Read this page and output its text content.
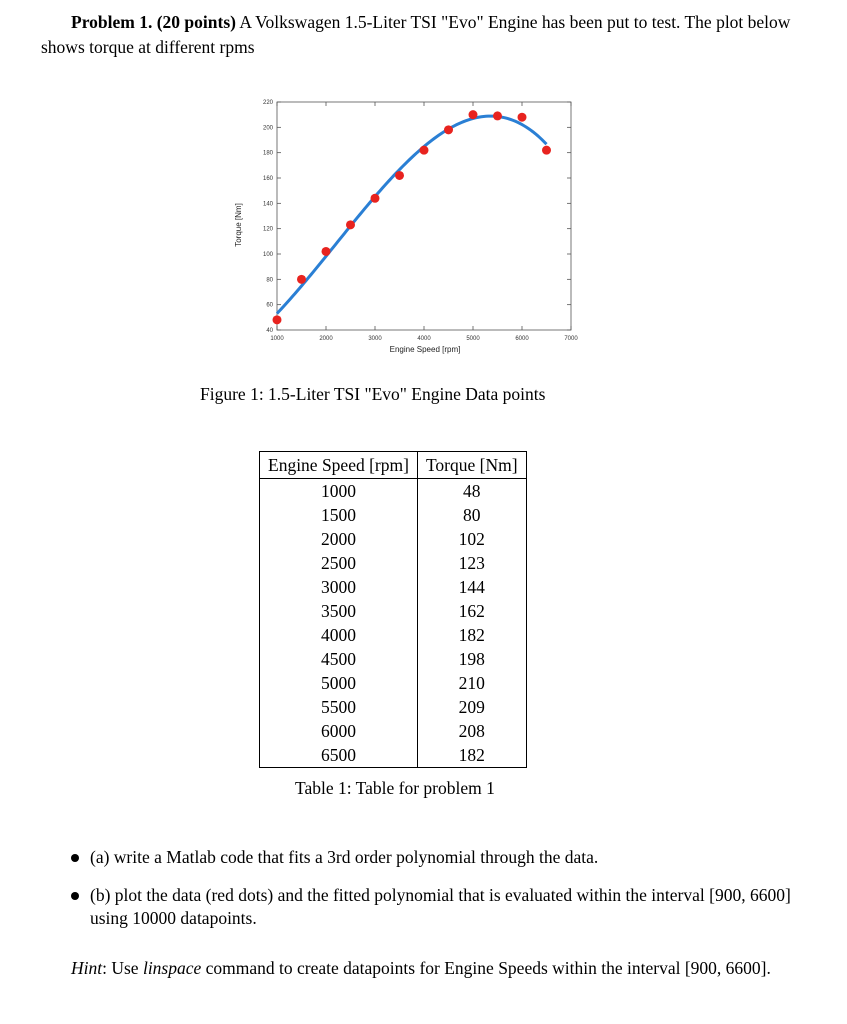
Problem 1. (20 points) A Volkswagen 1.5-Liter TSI "Evo" Engine has been put to test. The plot below shows torque at different rpms
1000	2000	3000	4000	5000	6000	7000
40
60
80
100
120
140
160
180
200
220
Engine Speed [rpm]
Torque [Nm]
Figure 1: 1.5-Liter TSI "Evo" Engine Data points
Engine Speed [rpm]	Torque [Nm]
1000	48
1500	80
2000	102
2500	123
3000	144
3500	162
4000	182
4500	198
5000	210
5500	209
6000	208
6500	182
Table 1: Table for problem 1
(a) write a Matlab code that fits a 3rd order polynomial through the data.
(b) plot the data (red dots) and the fitted polynomial that is evaluated within the interval [900, 6600] using 10000 datapoints.
Hint: Use linspace command to create datapoints for Engine Speeds within the interval [900, 6600].
